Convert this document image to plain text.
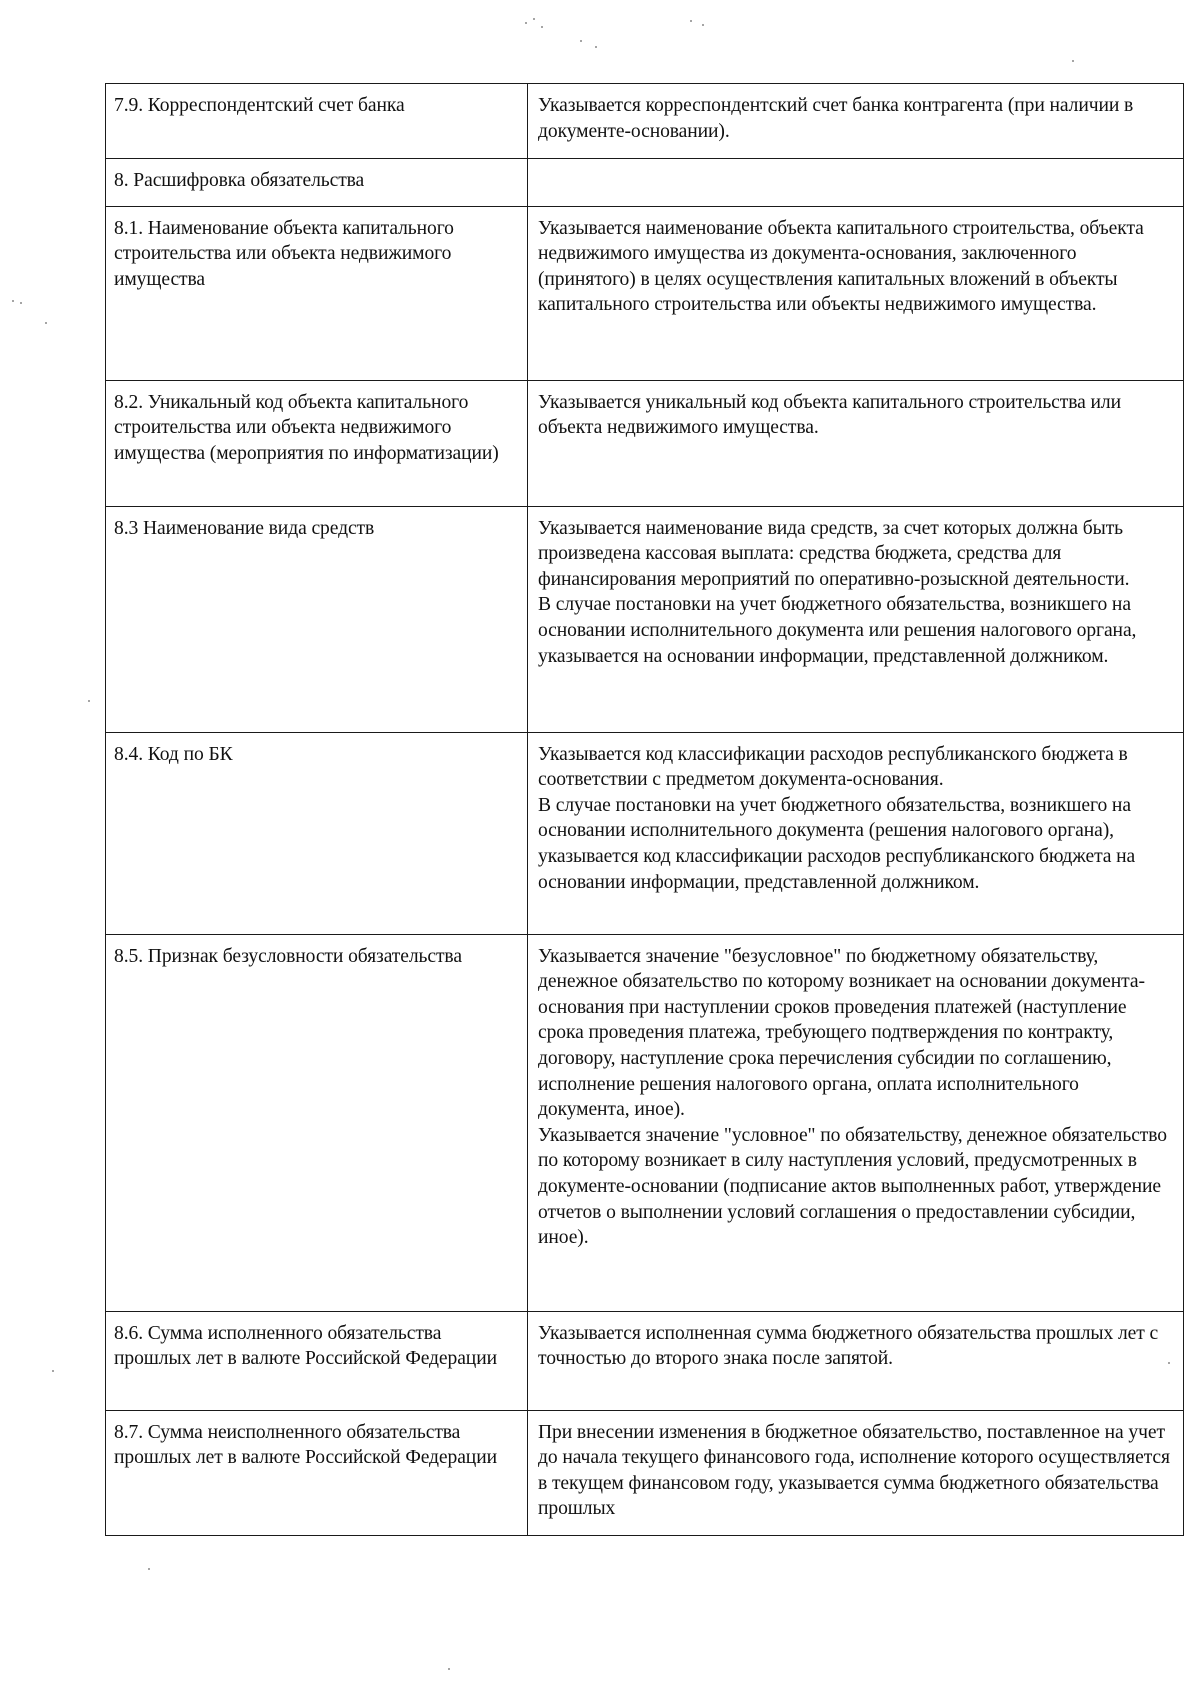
7.9. Корреспондентский счет банка	Указывается корреспондентский счет банка контрагента (при наличии в документе-основании).

8. Расшифровка обязательства	

8.1. Наименование объекта капитального строительства или объекта недвижимого имущества	Указывается наименование объекта капитального строительства, объекта недвижимого имущества из документа-основания, заключенного (принятого) в целях осуществления капитальных вложений в объекты капитального строительства или объекты недвижимого имущества.

8.2. Уникальный код объекта капитального строительства или объекта недвижимого имущества (мероприятия по информатизации)	Указывается уникальный код объекта капитального строительства или объекта недвижимого имущества.

8.3 Наименование вида средств	Указывается наименование вида средств, за счет которых должна быть произведена кассовая выплата: средства бюджета, средства для финансирования мероприятий по оперативно-розыскной деятельности.
В случае постановки на учет бюджетного обязательства, возникшего на основании исполнительного документа или решения налогового органа, указывается на основании информации, представленной должником.

8.4. Код по БК	Указывается код классификации расходов республиканского бюджета в соответствии с предметом документа-основания.
В случае постановки на учет бюджетного обязательства, возникшего на основании исполнительного документа (решения налогового органа), указывается код классификации расходов республиканского бюджета на основании информации, представленной должником.

8.5. Признак безусловности обязательства	Указывается значение "безусловное" по бюджетному обязательству, денежное обязательство по которому возникает на основании документа-основания при наступлении сроков проведения платежей (наступление срока проведения платежа, требующего подтверждения по контракту, договору, наступление срока перечисления субсидии по соглашению, исполнение решения налогового органа, оплата исполнительного документа, иное).
Указывается значение "условное" по обязательству, денежное обязательство по которому возникает в силу наступления условий, предусмотренных в документе-основании (подписание актов выполненных работ, утверждение отчетов о выполнении условий соглашения о предоставлении субсидии, иное).

8.6. Сумма исполненного обязательства прошлых лет в валюте Российской Федерации	Указывается исполненная сумма бюджетного обязательства прошлых лет с точностью до второго знака после запятой.

8.7. Сумма неисполненного обязательства прошлых лет в валюте Российской Федерации	При внесении изменения в бюджетное обязательство, поставленное на учет до начала текущего финансового года, исполнение которого осуществляется в текущем финансовом году, указывается сумма бюджетного обязательства прошлых
